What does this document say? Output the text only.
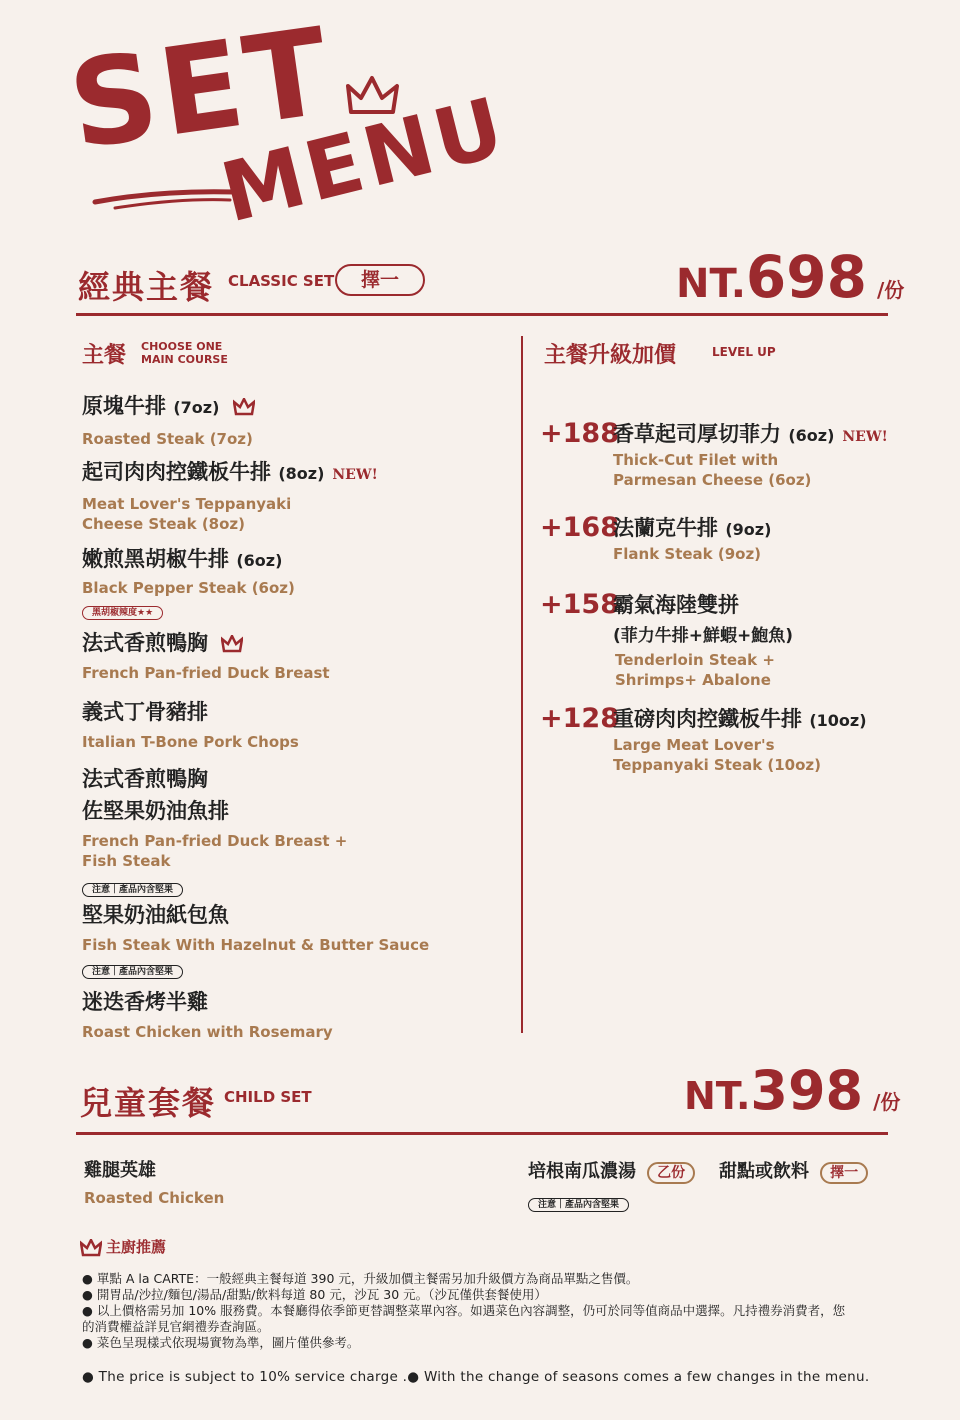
SET
MENU
經典主餐 CLASSIC SET	擇一	NT.698 /份
主餐 CHOOSE ONE
MAIN COURSE
原塊牛排 (7oz)
Roasted Steak (7oz)
起司肉肉控鐵板牛排 (8oz) NEW!
Meat Lover's Teppanyaki
Cheese Steak (8oz)
嫩煎黑胡椒牛排 (6oz)
Black Pepper Steak (6oz)
黑胡椒辣度★★
法式香煎鴨胸
French Pan-fried Duck Breast
義式丁骨豬排
Italian T-Bone Pork Chops
法式香煎鴨胸
佐堅果奶油魚排
French Pan-fried Duck Breast +
Fish Steak
注意｜產品內含堅果
堅果奶油紙包魚
Fish Steak With Hazelnut & Butter Sauce
注意｜產品內含堅果
迷迭香烤半雞
Roast Chicken with Rosemary
主餐升級加價	LEVEL UP
+188
香草起司厚切菲力 (6oz) NEW!
Thick-Cut Filet with
Parmesan Cheese (6oz)
+168
法蘭克牛排 (9oz)
Flank Steak (9oz)
+158
霸氣海陸雙拼
(菲力牛排+鮮蝦+鮑魚)
Tenderloin Steak +
Shrimps+ Abalone
+128
重磅肉肉控鐵板牛排 (10oz)
Large Meat Lover's
Teppanyaki Steak (10oz)
兒童套餐 CHILD SET	NT.398 /份
雞腿英雄
Roasted Chicken
培根南瓜濃湯 乙份
注意｜產品內含堅果
甜點或飲料 擇一
主廚推薦
● 單點 A la CARTE：一般經典主餐每道 390 元，升級加價主餐需另加升級價方為商品單點之售價。
● 開胃品/沙拉/麵包/湯品/甜點/飲料每道 80 元，沙瓦 30 元。（沙瓦僅供套餐使用）
● 以上價格需另加 10% 服務費。本餐廳得依季節更替調整菜單內容。如遇菜色內容調整，仍可於同等值商品中選擇。凡持禮券消費者，您
的消費權益詳見官網禮券查詢區。
● 菜色呈現樣式依現場實物為準，圖片僅供參考。
● The price is subject to 10% service charge .● With the change of seasons comes a few changes in the menu.
